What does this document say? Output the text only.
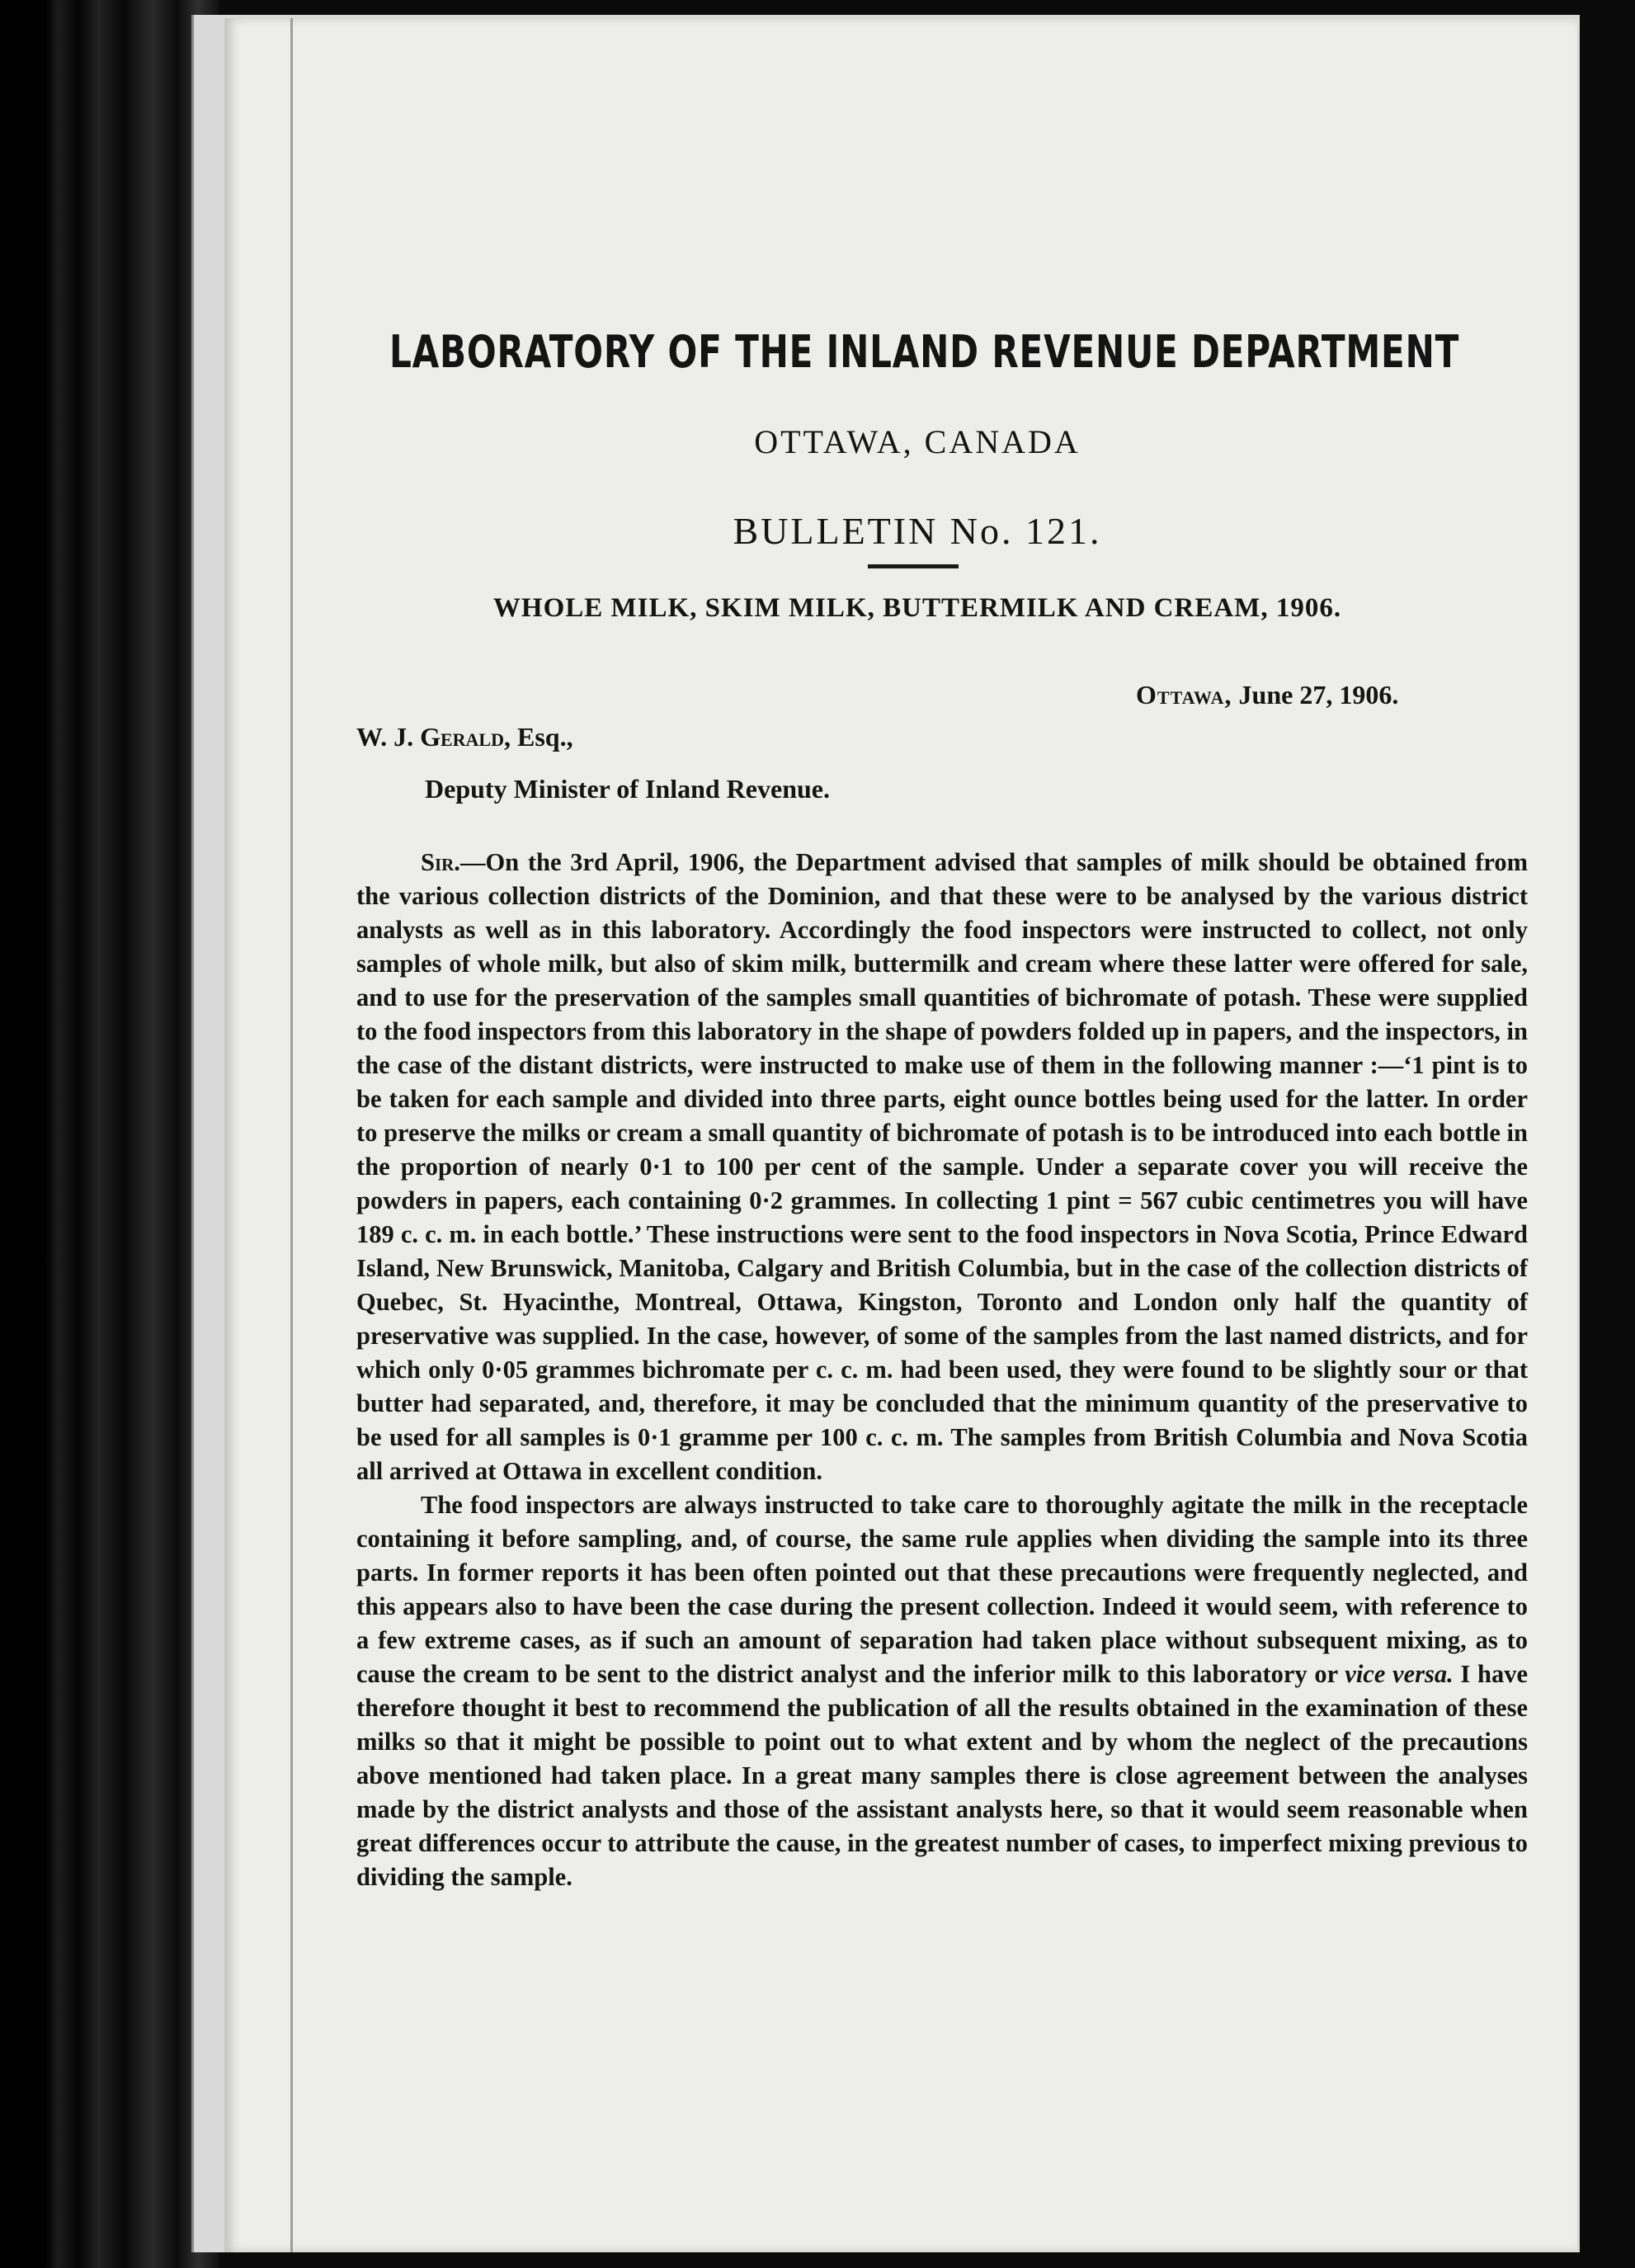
LABORATORY OF THE INLAND REVENUE DEPARTMENT
OTTAWA, CANADA
BULLETIN No. 121.
WHOLE MILK, SKIM MILK, BUTTERMILK AND CREAM, 1906.
Ottawa, June 27, 1906.
W. J. Gerald, Esq.,
Deputy Minister of Inland Revenue.

Sir.—On the 3rd April, 1906, the Department advised that samples of milk should be obtained from the various collection districts of the Dominion, and that these were to be analysed by the various district analysts as well as in this laboratory. Accordingly the food inspectors were instructed to collect, not only samples of whole milk, but also of skim milk, buttermilk and cream where these latter were offered for sale, and to use for the preservation of the samples small quantities of bichromate of potash. These were supplied to the food inspectors from this laboratory in the shape of powders folded up in papers, and the inspectors, in the case of the distant districts, were instructed to make use of them in the following manner :—‘1 pint is to be taken for each sample and divided into three parts, eight ounce bottles being used for the latter. In order to preserve the milks or cream a small quantity of bichromate of potash is to be introduced into each bottle in the proportion of nearly 0·1 to 100 per cent of the sample. Under a separate cover you will receive the powders in papers, each containing 0·2 grammes. In collecting 1 pint = 567 cubic centimetres you will have 189 c. c. m. in each bottle.’ These instructions were sent to the food inspectors in Nova Scotia, Prince Edward Island, New Brunswick, Manitoba, Calgary and British Columbia, but in the case of the collection districts of Quebec, St. Hyacinthe, Montreal, Ottawa, Kingston, Toronto and London only half the quantity of preservative was supplied. In the case, however, of some of the samples from the last named districts, and for which only 0·05 grammes bichromate per c. c. m. had been used, they were found to be slightly sour or that butter had separated, and, therefore, it may be concluded that the minimum quantity of the preservative to be used for all samples is 0·1 gramme per 100 c. c. m. The samples from British Columbia and Nova Scotia all arrived at Ottawa in excellent condition.

The food inspectors are always instructed to take care to thoroughly agitate the milk in the receptacle containing it before sampling, and, of course, the same rule applies when dividing the sample into its three parts. In former reports it has been often pointed out that these precautions were frequently neglected, and this appears also to have been the case during the present collection. Indeed it would seem, with reference to a few extreme cases, as if such an amount of separation had taken place without subsequent mixing, as to cause the cream to be sent to the district analyst and the inferior milk to this laboratory or vice versa. I have therefore thought it best to recommend the publication of all the results obtained in the examination of these milks so that it might be possible to point out to what extent and by whom the neglect of the precautions above mentioned had taken place. In a great many samples there is close agreement between the analyses made by the district analysts and those of the assistant analysts here, so that it would seem reasonable when great differences occur to attribute the cause, in the greatest number of cases, to imperfect mixing previous to dividing the sample.
